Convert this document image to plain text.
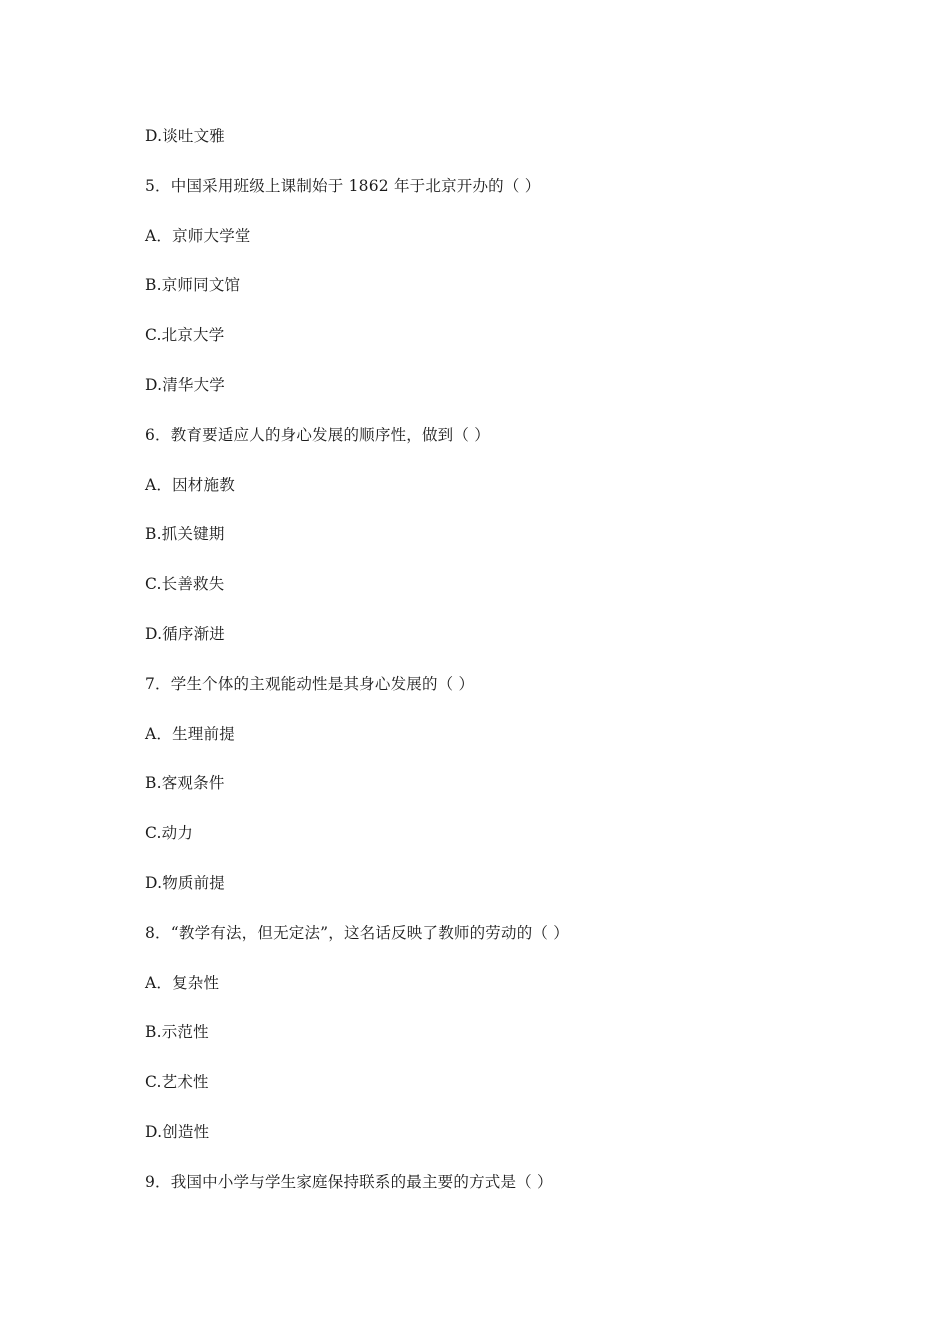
D.谈吐文雅
5．中国采用班级上课制始于 1862 年于北京开办的（ ）
A．京师大学堂
B.京师同文馆
C.北京大学
D.清华大学
6．教育要适应人的身心发展的顺序性，做到（ ）
A．因材施教
B.抓关键期
C.长善救失
D.循序渐进
7．学生个体的主观能动性是其身心发展的（ ）
A．生理前提
B.客观条件
C.动力
D.物质前提
8．“教学有法，但无定法”，这名话反映了教师的劳动的（ ）
A．复杂性
B.示范性
C.艺术性
D.创造性
9．我国中小学与学生家庭保持联系的最主要的方式是（ ）
